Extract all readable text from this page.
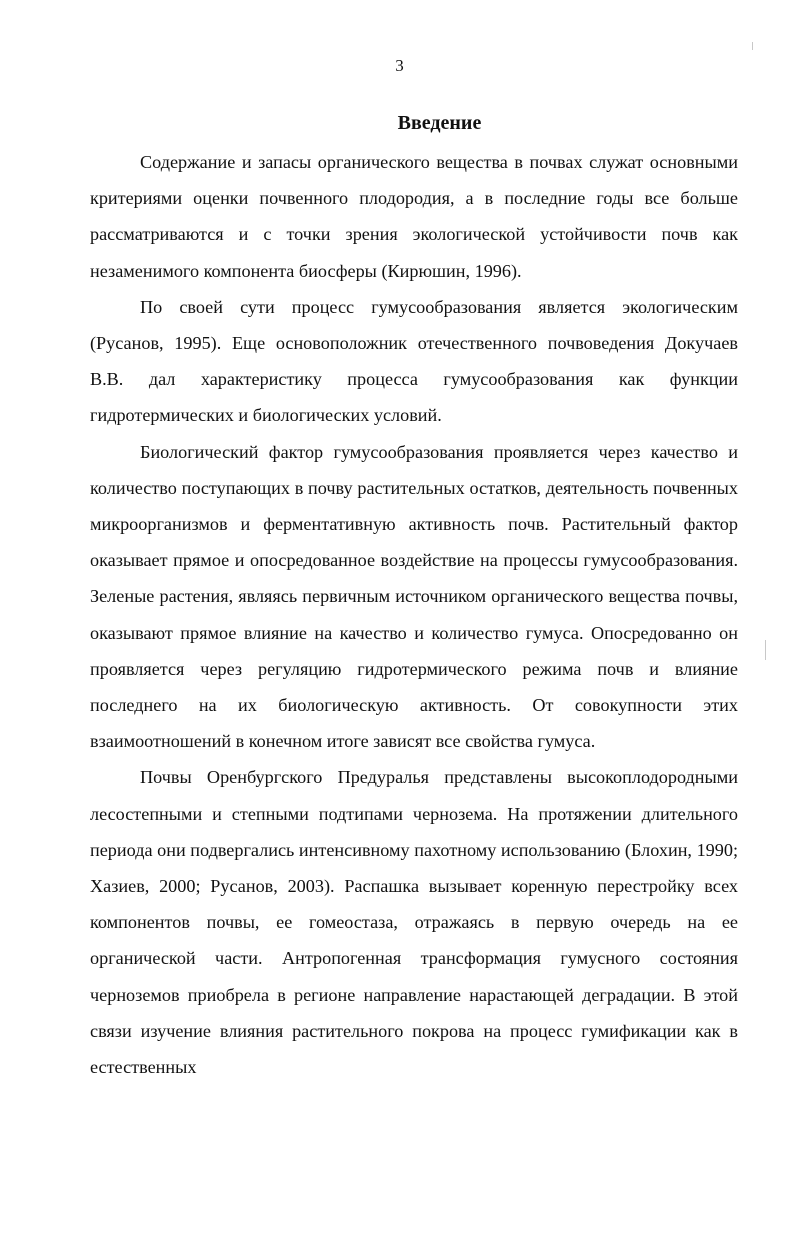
3
Введение

Содержание и запасы органического вещества в почвах служат основными критериями оценки почвенного плодородия, а в последние годы все больше рассматриваются и с точки зрения экологической устойчивости почв как незаменимого компонента биосферы (Кирюшин, 1996).

По своей сути процесс гумусообразования является экологическим (Русанов, 1995). Еще основоположник отечественного почвоведения Докучаев В.В. дал характеристику процесса гумусообразования как функции гидротермических и биологических условий.

Биологический фактор гумусообразования проявляется через качество и количество поступающих в почву растительных остатков, деятельность почвенных микроорганизмов и ферментативную активность почв. Растительный фактор оказывает прямое и опосредованное воздействие на процессы гумусообразования. Зеленые растения, являясь первичным источником органического вещества почвы, оказывают прямое влияние на качество и количество гумуса. Опосредованно он проявляется через регуляцию гидротермического режима почв и влияние последнего на их биологическую активность. От совокупности этих взаимоотношений в конечном итоге зависят все свойства гумуса.

Почвы Оренбургского Предуралья представлены высокоплодородными лесостепными и степными подтипами чернозема. На протяжении длительного периода они подвергались интенсивному пахотному использованию (Блохин, 1990; Хазиев, 2000; Русанов, 2003). Распашка вызывает коренную перестройку всех компонентов почвы, ее гомеостаза, отражаясь в первую очередь на ее органической части. Антропогенная трансформация гумусного состояния черноземов приобрела в регионе направление нарастающей деградации. В этой связи изучение влияния растительного покрова на процесс гумификации как в естественных
